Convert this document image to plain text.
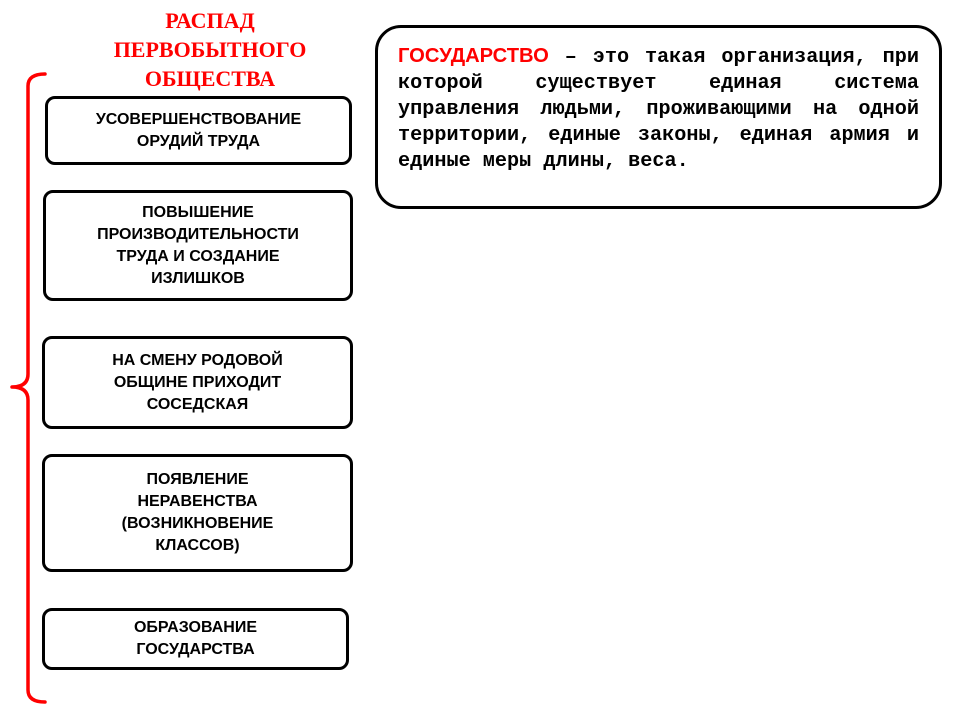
РАСПАД
ПЕРВОБЫТНОГО
ОБЩЕСТВА
УСОВЕРШЕНСТВОВАНИЕ
ОРУДИЙ ТРУДА
ПОВЫШЕНИЕ
ПРОИЗВОДИТЕЛЬНОСТИ
ТРУДА И СОЗДАНИЕ
ИЗЛИШКОВ
НА СМЕНУ РОДОВОЙ
ОБЩИНЕ ПРИХОДИТ
СОСЕДСКАЯ
ПОЯВЛЕНИЕ
НЕРАВЕНСТВА
(ВОЗНИКНОВЕНИЕ
КЛАССОВ)
ОБРАЗОВАНИЕ
ГОСУДАРСТВА
ГОСУДАРСТВО – это такая организация, при которой существует единая система управления людьми, проживающими на одной территории, единые законы, единая армия и единые меры длины, веса.
